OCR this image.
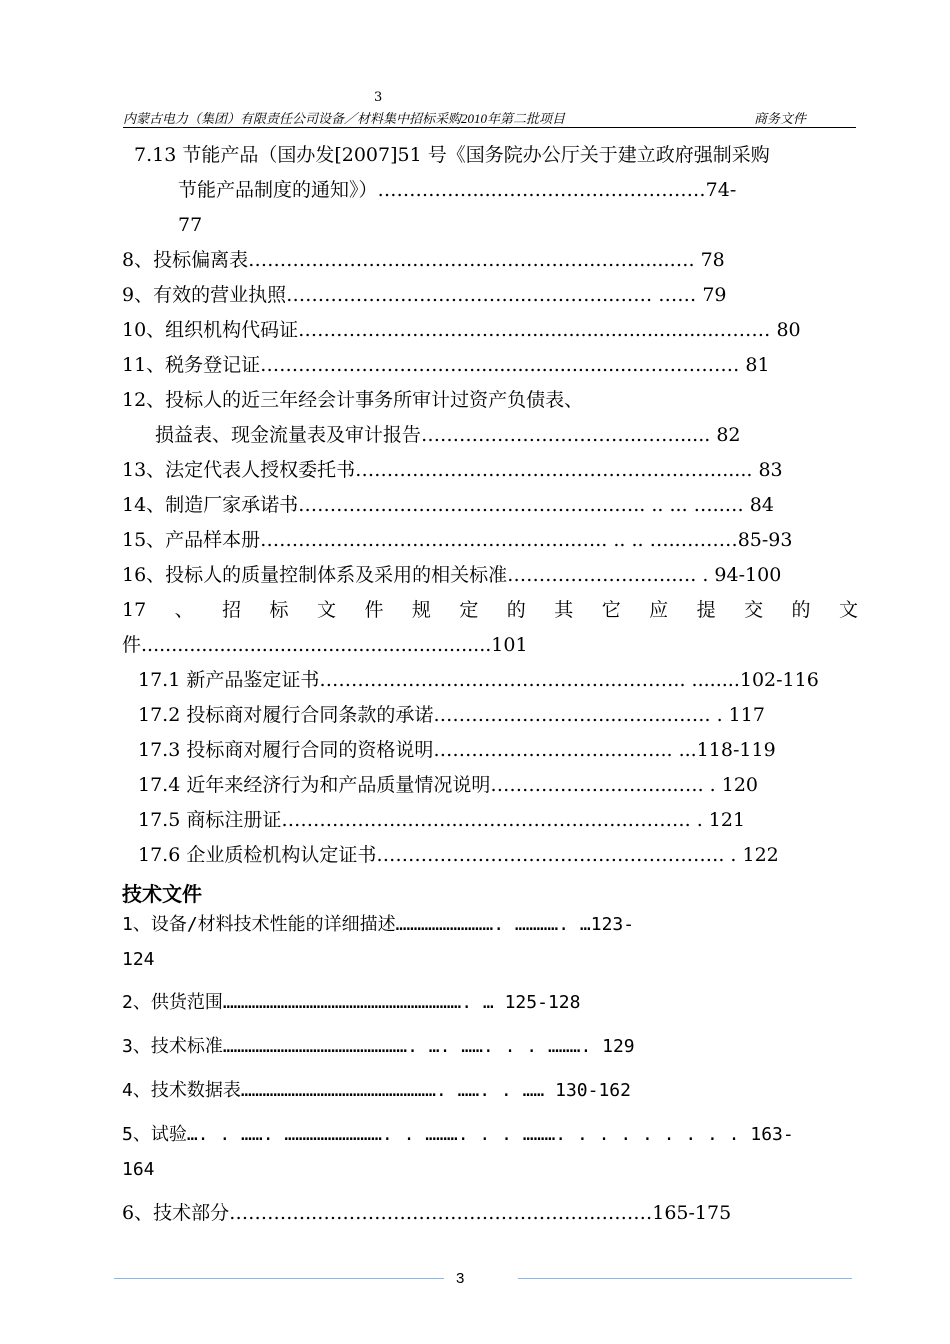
3
内蒙古电力（集团）有限责任公司设备／材料集中招标采购2010年第二批项目	商务文件
7.13 节能产品（国办发[2007]51 号《国务院办公厅关于建立政府强制采购
节能产品制度的通知》）……………....……………………………74-
77
8、投标偏离表……………………..………………………..……......…. 78
9、有效的营业执照………………………………..…………..…… …… 79
10、组织机构代码证………………………………...............................……… 80
11、税务登记证…………………………….............................…………… 81
12、投标人的近三年经会计事务所审计过资产负债表、
损益表、现金流量表及审计报告……………………………..……..... 82
13、法定代表人授权委托书…………………………………………………...... 83
14、制造厂家承诺书…………………………………………..….. .. ... …..… 84
15、产品样本册…………………………………………..….. .. .. …..………85-93
16、投标人的质量控制体系及采用的相关标准………………….….…. . 94-100
17 、 招 标 文 件 规 定 的 其 它 应 提 交 的 文
件..........................................................101
17.1 新产品鉴定证书………………………………………..……….. ........102-116
17.2 投标商对履行合同条款的承诺………………………..……..……. . 117
17.3 投标商对履行合同的资格说明………………………..……... ...118-119
17.4 近年来经济行为和产品质量情况说明………………..……....…. . 120
17.5 商标注册证………………..……..………………….…..………. . 121
17.6 企业质检机构认定证书………………………………………………. . 122
技术文件
1、设备/材料技术性能的详细描述………………………. …………. …123-
124
2、供货范围…………………………………………………………. … 125-128
3、技术标准……………………………………………. …. ……. . . ………. 129
4、技术数据表………………………………………………. ……. . …… 130-162
5、试验…. . ……. ………………………. . ………. . . ………. . . . . . . . . 163-
164
6、技术部分…………..……………………………………..………165-175
3
